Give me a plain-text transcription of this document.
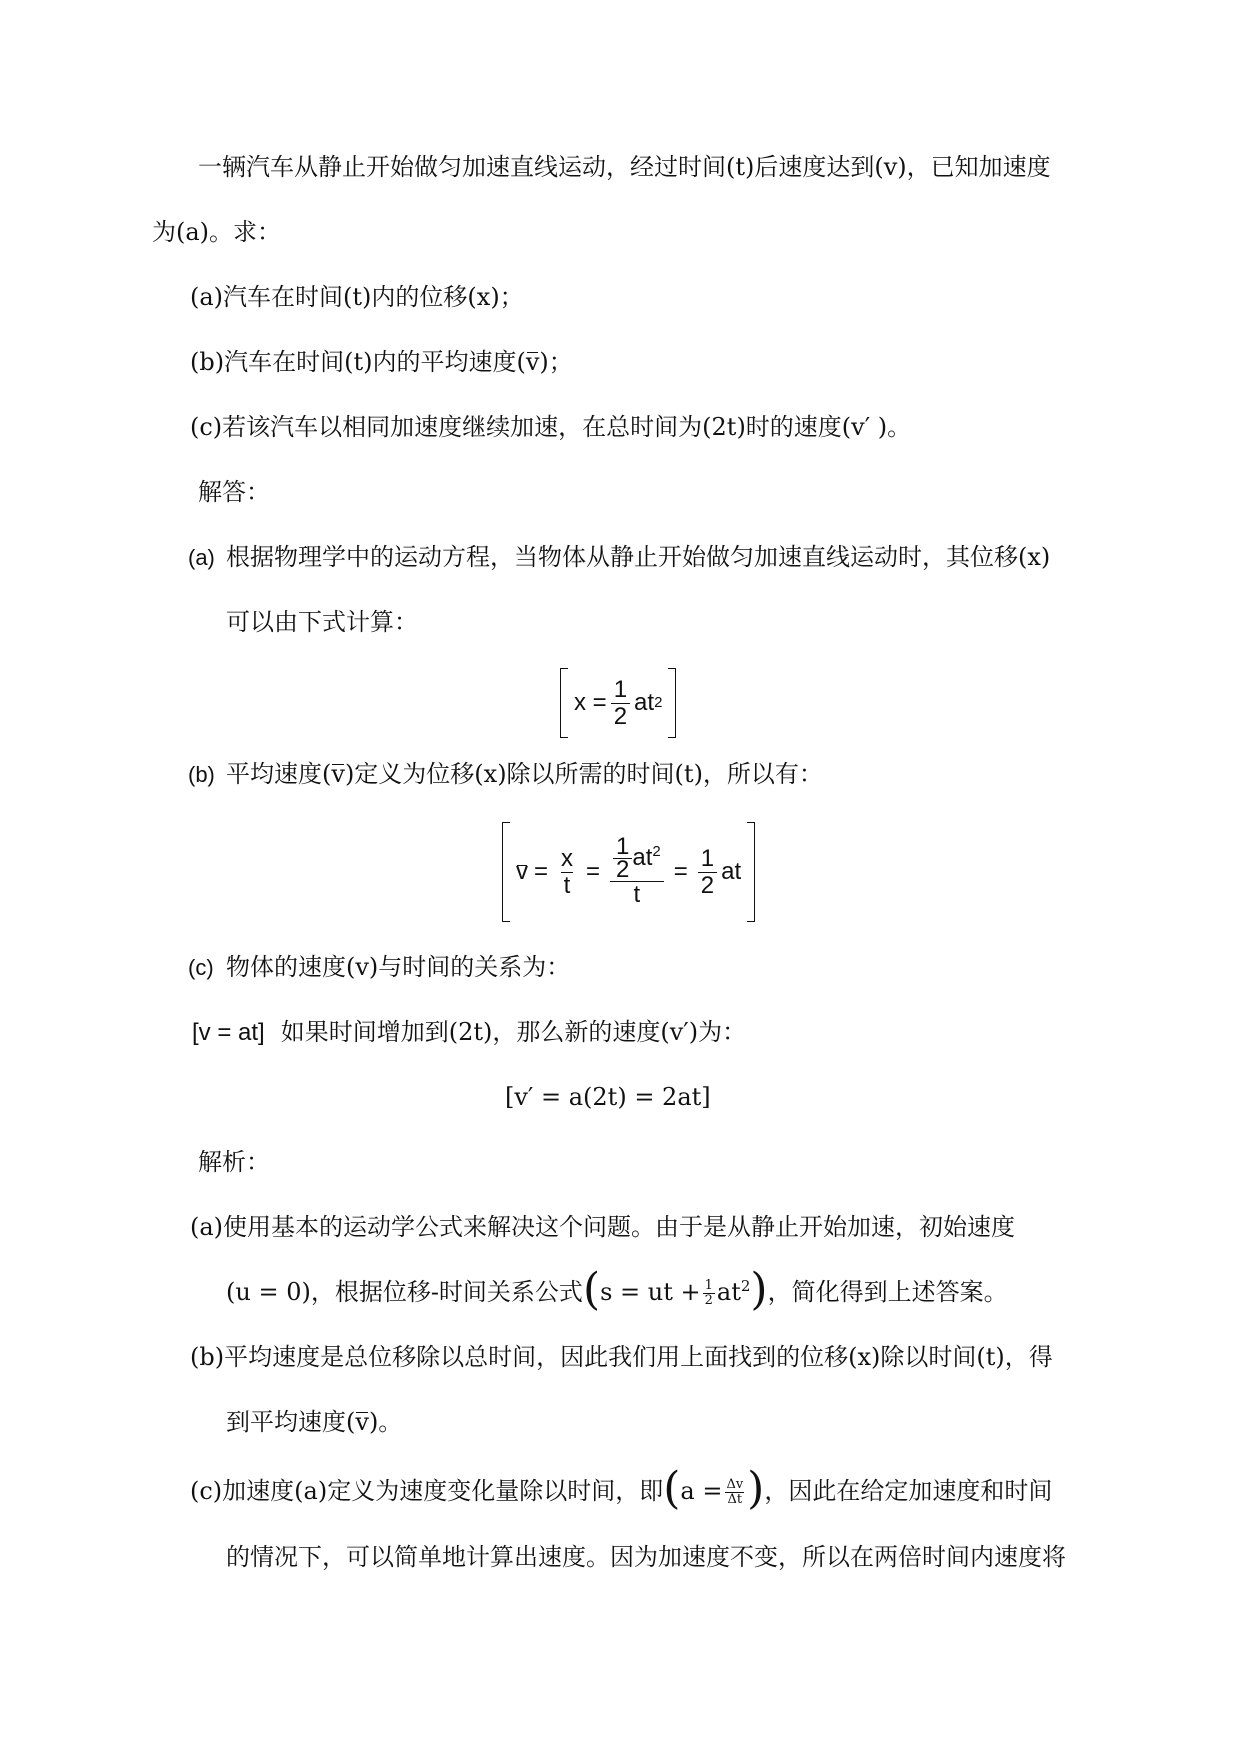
一辆汽车从静止开始做匀加速直线运动，经过时间(t)后速度达到(v)，已知加速度
为(a)。求：
(a)汽车在时间(t)内的位移(x)；
(b)汽车在时间(t)内的平均速度(v)；
(c)若该汽车以相同加速度继续加速，在总时间为(2t)时的速度(v′ )。
解答：
(a) 根据物理学中的运动方程，当物体从静止开始做匀加速直线运动时，其位移(x)
可以由下式计算：
$x = \frac{1}{2}$ at 2
(b) 平均速度(v)定义为位移(x)除以所需的时间(t)，所以有：
$v = \frac{x}{t} = \frac{\frac{1}{2} at^2}{t} = \frac{1}{2}$ at
(c) 物体的速度(v)与时间的关系为：
[v = at] 如果时间增加到(2t)，那么新的速度(v′)为：
[v′ = a(2t) = 2at]
解析：
(a)使用基本的运动学公式来解决这个问题。由于是从静止开始加速，初始速度
(u = 0)，根据位移-时间关系公式(s = ut + $\frac{1}{2} at^2$)，简化得到上述答案。
(b)平均速度是总位移除以总时间，因此我们用上面找到的位移(x)除以时间(t)，得
到平均速度(v)。
(c)加速度(a)定义为速度变化量除以时间，即($a = \frac{\Delta v}{\Delta t}$ )，因此在给定加速度和时间
的情况下，可以简单地计算出速度。因为加速度不变，所以在两倍时间内速度将
